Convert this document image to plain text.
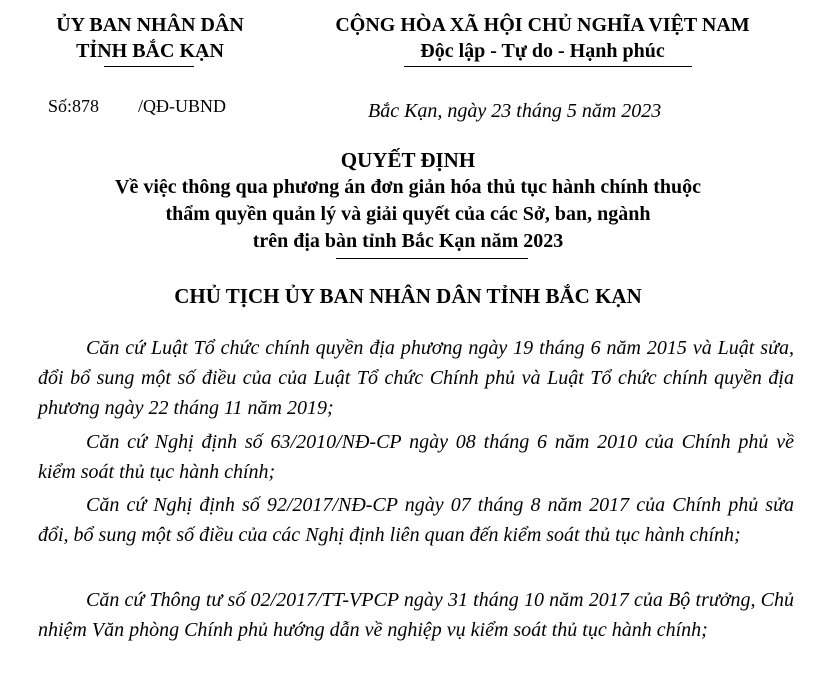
ỦY BAN NHÂN DÂN
TỈNH BẮC KẠN
CỘNG HÒA XÃ HỘI CHỦ NGHĨA VIỆT NAM
Độc lập - Tự do - Hạnh phúc
Số:878 /QĐ-UBND	Bắc Kạn, ngày 23 tháng 5 năm 2023
QUYẾT ĐỊNH
Về việc thông qua phương án đơn giản hóa thủ tục hành chính thuộc
thẩm quyền quản lý và giải quyết của các Sở, ban, ngành
trên địa bàn tỉnh Bắc Kạn năm 2023
CHỦ TỊCH ỦY BAN NHÂN DÂN TỈNH BẮC KẠN

Căn cứ Luật Tổ chức chính quyền địa phương ngày 19 tháng 6 năm 2015 và Luật sửa, đổi bổ sung một số điều của của Luật Tổ chức Chính phủ và Luật Tổ chức chính quyền địa phương ngày 22 tháng 11 năm 2019;

Căn cứ Nghị định số 63/2010/NĐ-CP ngày 08 tháng 6 năm 2010 của Chính phủ về kiểm soát thủ tục hành chính;

Căn cứ Nghị định số 92/2017/NĐ-CP ngày 07 tháng 8 năm 2017 của Chính phủ sửa đổi, bổ sung một số điều của các Nghị định liên quan đến kiểm soát thủ tục hành chính;

Căn cứ Thông tư số 02/2017/TT-VPCP ngày 31 tháng 10 năm 2017 của Bộ trưởng, Chủ nhiệm Văn phòng Chính phủ hướng dẫn về nghiệp vụ kiểm soát thủ tục hành chính;
